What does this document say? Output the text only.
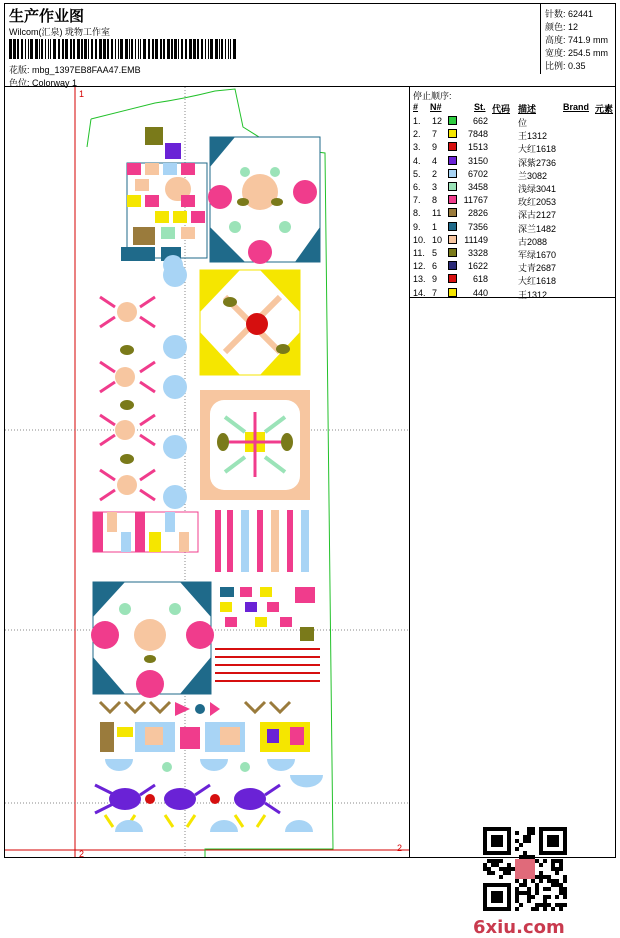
生产作业图
Wilcom(汇泉) 珑物工作室
花版: mbg_1397EB8FAA47.EMB
色位: Colorway 1
针数: 62441
颜色: 12
高度: 741.9 mm
宽度: 254.5 mm
比例: 0.35
1
2
2
停止顺序:
# N#	St. 代码 描述	Brand 元素
1. 12	662	位
2. 7	7848	王1312
3. 9	1513	大红1618
4. 4	3150	深紫2736
5. 2	6702	兰3082
6. 3	3458	浅绿3041
7. 8	11767	玫红2053
8. 11	2826	深古2127
9. 1	7356	深兰1482
10. 10 11149	古2088
11. 5	3328	军绿1670
12. 6	1622	丈青2687
13. 9	618	大红1618
14. 7	440	王1312
6xiu.com
